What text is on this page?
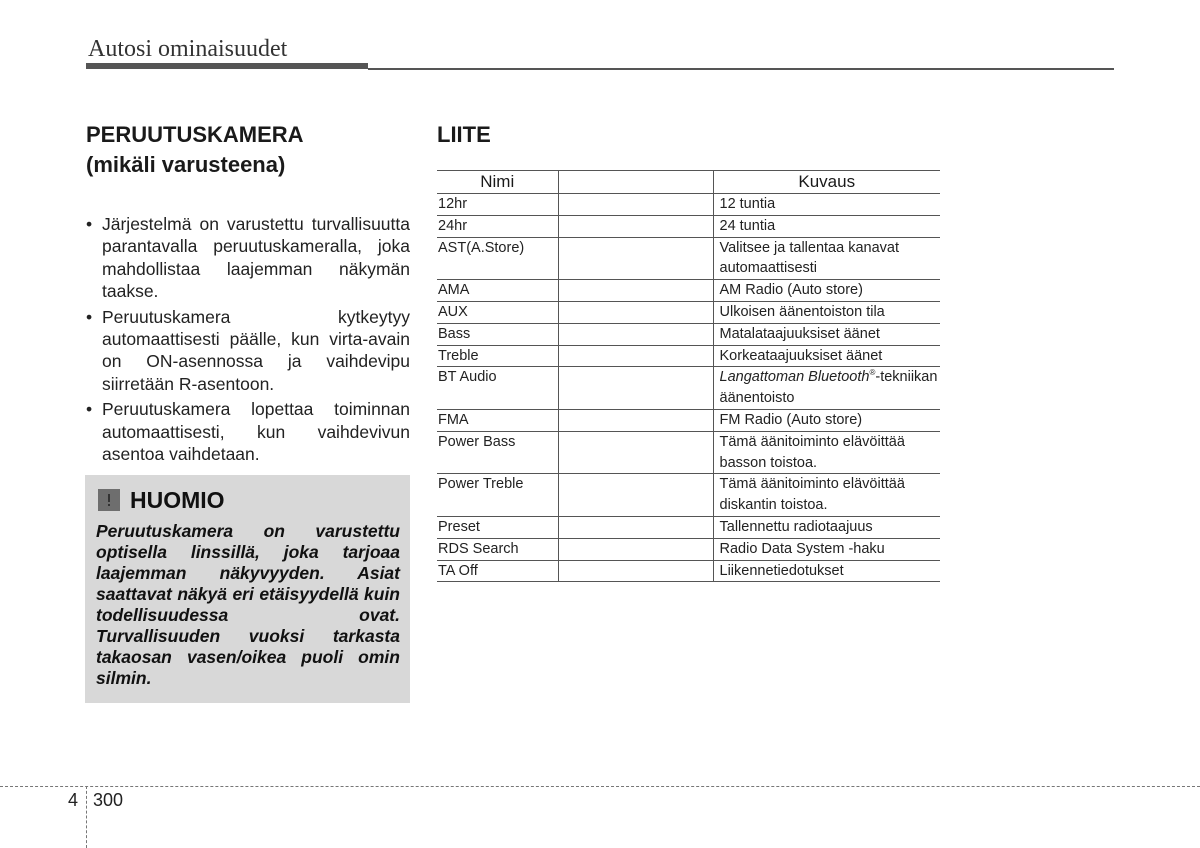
Autosi ominaisuudet
PERUUTUSKAMERA
(mikäli varusteena)
• Järjestelmä on varustettu turvallisuutta parantavalla peruutuskameralla, joka mahdollistaa laajemman näkymän taakse.
• Peruutuskamera kytkeytyy automaattisesti päälle, kun virta-avain on ON-asennossa ja vaihdevipu siirretään R-asentoon.
• Peruutuskamera lopettaa toiminnan automaattisesti, kun vaihdevivun asentoa vaihdetaan.
HUOMIO
Peruutuskamera on varustettu optisella linssillä, joka tarjoaa laajemman näkyvyyden. Asiat saattavat näkyä eri etäisyydellä kuin todellisuudessa ovat. Turvallisuuden vuoksi tarkasta takaosan vasen/oikea puoli omin silmin.
LIITE
Nimi		Kuvaus
12hr		12 tuntia
24hr		24 tuntia
AST(A.Store)		Valitsee ja tallentaa kanavat automaattisesti
AMA		AM Radio (Auto store)
AUX		Ulkoisen äänentoiston tila
Bass		Matalataajuuksiset äänet
Treble		Korkeataajuuksiset äänet
BT Audio		Langattoman Bluetooth®-tekniikan äänentoisto
FMA		FM Radio (Auto store)
Power Bass		Tämä äänitoiminto elävöittää basson toistoa.
Power Treble		Tämä äänitoiminto elävöittää diskantin toistoa.
Preset		Tallennettu radiotaajuus
RDS Search		Radio Data System -haku
TA Off		Liikennetiedotukset
4 300
